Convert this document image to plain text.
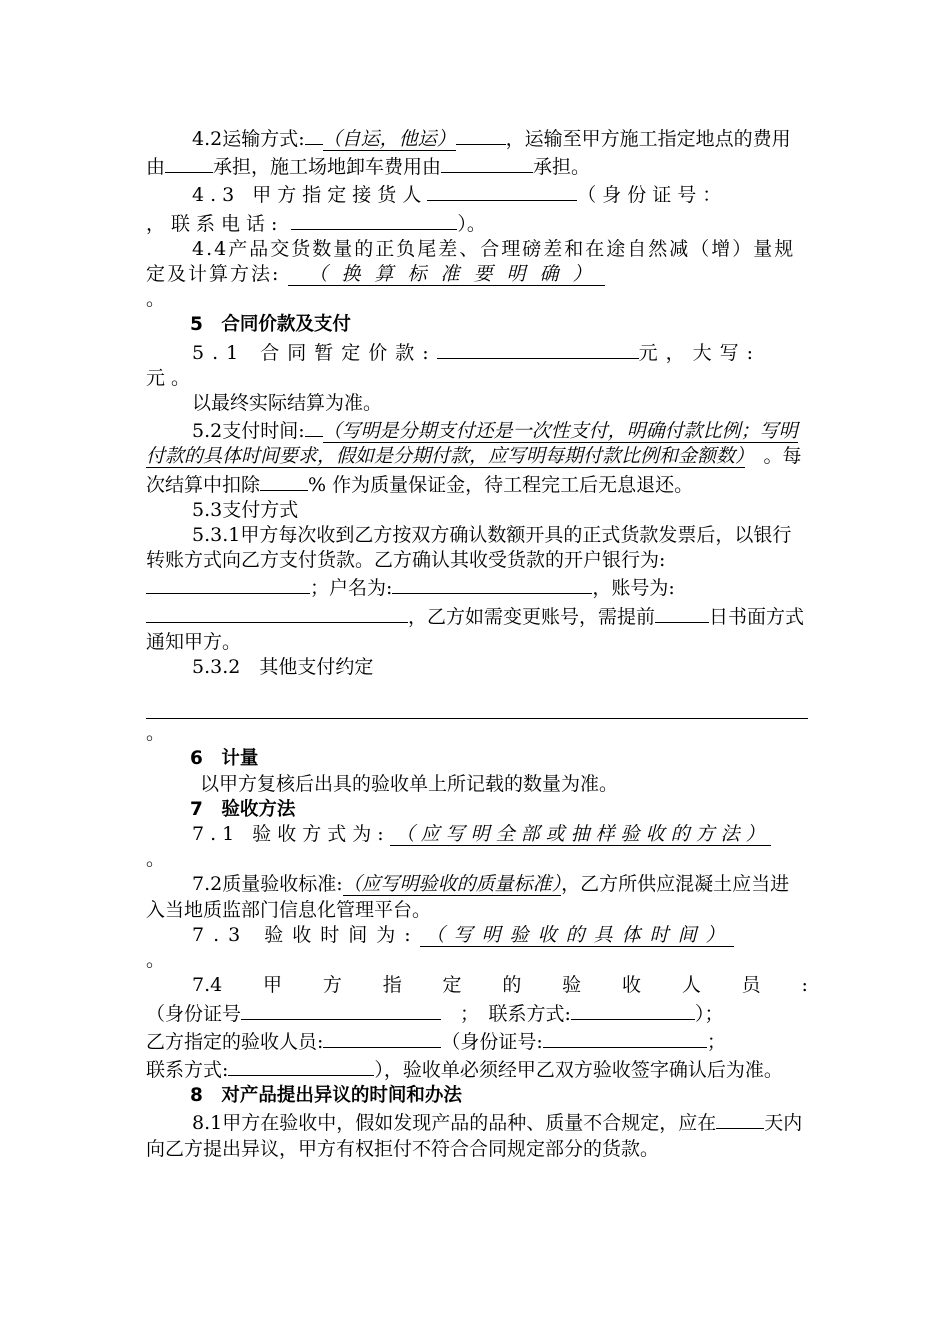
4.2运输方式: （自运，他运）	，运输至甲方施工指定地点的费用由	承担，施工场地卸车费用由	承担。

4.3 甲方指定接货人	（身份证号：

，联系电话:	）。

4.4产品交货数量的正负尾差、合理磅差和在途自然减（增）量规定及计算方法: （换算标准要明确）

。

5　合同价款及支付

5.1 合同暂定价款:	元，大写:

元 。

以最终实际结算为准。

5.2支付时间: （写明是分期支付还是一次性支付，明确付款比例；写明付款的具体时间要求，假如是分期付款，应写明每期付款比例和金额数）　 。每次结算中扣除	% 作为质量保证金，待工程完工后无息退还。

5.3支付方式

5.3.1甲方每次收到乙方按双方确认数额开具的正式货款发票后，以银行转账方式向乙方支付货款。乙方确认其收受货款的开户银行为:；户名为:	，账号为:，乙方如需变更账号，需提前	日书面方式通知甲方。

5.3.2　其他支付约定

。

6　计量

以甲方复核后出具的验收单上所记载的数量为准。

7　验收方法

7.1 验收方式为: （应写明全部或抽样验收的方法）

。

7.2质量验收标准:（应写明验收的质量标准），乙方所供应混凝土应当进入当地质监部门信息化管理平台。

7.3 验收时间为: （写明验收的具体时间）

。

7.4 甲 方 指 定 的 验 收 人 员 :

（身份证号　	；　联系方式:	）；

乙方指定的验收人员:	（身份证号:	；

联系方式:	），验收单必须经甲乙双方验收签字确认后为准。

8　对产品提出异议的时间和办法

8.1甲方在验收中，假如发现产品的品种、质量不合规定，应在	天内向乙方提出异议，甲方有权拒付不符合合同规定部分的货款。
